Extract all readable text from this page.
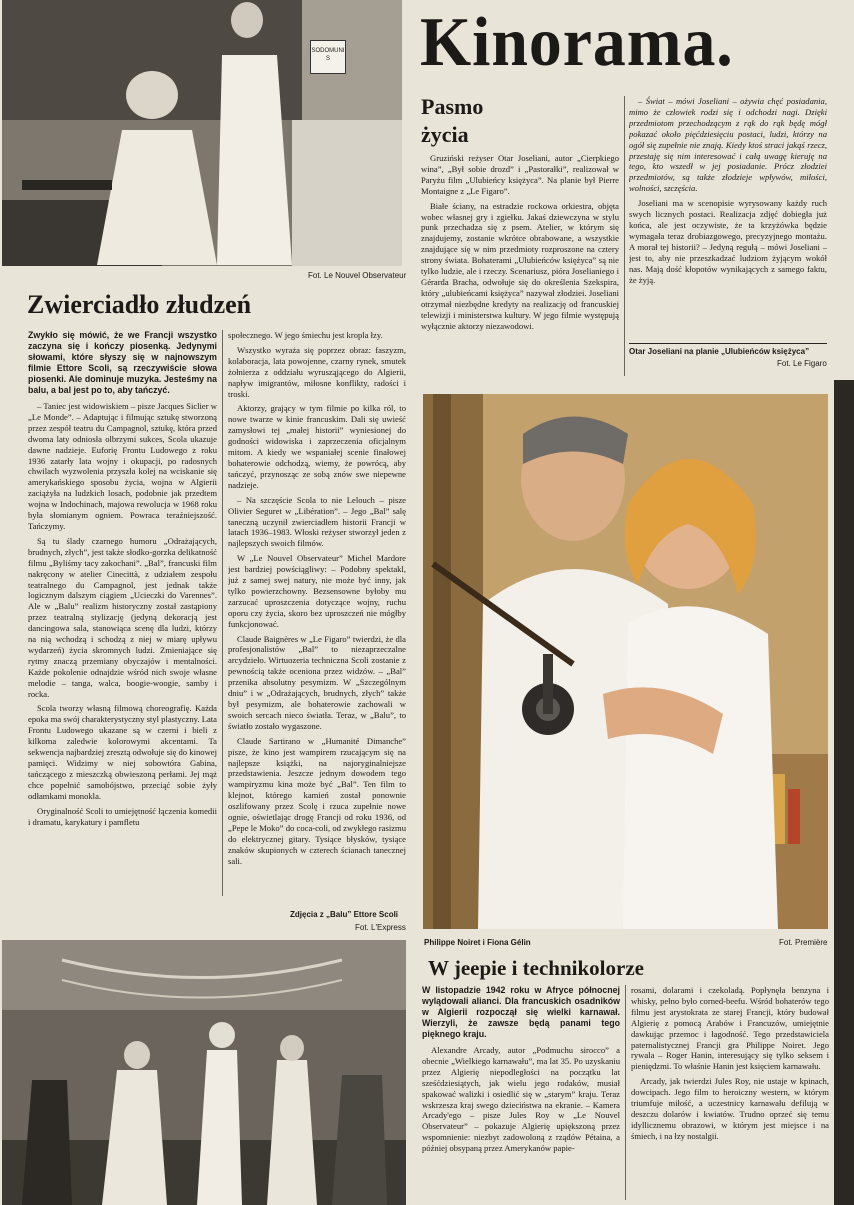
SODOMUNIS
Fot. Le Nouvel Observateur
Kinorama.
Pasmo
życia

Gruziński reżyser Otar Joseliani, autor „Cierpkiego wina”, „Był sobie drozd” i „Pastorałki”, realizował w Paryżu film „Ulubieńcy księżyca”. Na planie był Pierre Montaigne z „Le Figaro”.

Białe ściany, na estradzie rockowa orkiestra, objęta wobec własnej gry i zgiełku. Jakaś dziewczyna w stylu punk przechadza się z psem. Atelier, w którym się znajdujemy, zostanie wkrótce obrabowane, a wszystkie znajdujące się w nim przedmioty rozproszone na cztery strony świata. Bohaterami „Ulubieńców księżyca” są nie tylko ludzie, ale i rzeczy. Scenariusz, pióra Joselianiego i Gérarda Bracha, odwołuje się do określenia Szekspira, który „ulubieńcami księżyca” nazywał złodziei. Joseliani otrzymał niezbędne kredyty na realizację od francuskiej telewizji i ministerstwa kultury. W jego filmie występują wyłącznie aktorzy niezawodowi.

– Świat – mówi Joseliani – ożywia chęć posiadania, mimo że człowiek rodzi się i odchodzi nagi. Dzięki przedmiotom przechodzącym z rąk do rąk będę mógł pokazać około pięćdziesięciu postaci, ludzi, którzy na ogół się zupełnie nie znają. Kiedy ktoś straci jakąś rzecz, przestaję się nim interesować i całą uwagę kieruję na tego, kto wszedł w jej posiadanie. Prócz złodziei przedmiotów, są także złodzieje wpływów, miłości, wolności, szczęścia.

Joseliani ma w scenopisie wyrysowany każdy ruch swych licznych postaci. Realizacja zdjęć dobiegła już końca, ale jest oczywiste, że ta krzyżówka będzie wymagała teraz drobiazgowego, precyzyjnego montażu. A morał tej historii? – Jedyną regułą – mówi Joseliani – jest to, aby nie przeszkadzać ludziom żyjącym wokół nas. Mają dość kłopotów wynikających z samego faktu, że żyją.

Otar Joseliani na planie „Ulubieńców księżyca”
Fot. Le Figaro
Zwierciadło złudzeń
Zwykło się mówić, że we Francji wszystko zaczyna się i kończy piosenką. Jedynymi słowami, które słyszy się w najnowszym filmie Ettore Scoli, są rzeczywiście słowa piosenki. Ale dominuje muzyka. Jesteśmy na balu, a bal jest po to, aby tańczyć.

– Taniec jest widowiskiem – pisze Jacques Siclier w „Le Monde”. – Adaptując i filmując sztukę stworzoną przez zespół teatru du Campagnol, sztukę, która przed dwoma laty odniosła olbrzymi sukces, Scola ukazuje dawne nadzieje. Euforię Frontu Ludowego z roku 1936 zatarły lata wojny i okupacji, po radosnych chwilach wyzwolenia przyszła kolej na wciskanie się amerykańskiego sposobu życia, wojna w Algierii zaciążyła na ludzkich losach, podobnie jak przedtem wojna w Indochinach, majowa rewolucja w 1968 roku była słomianym ogniem. Powraca teraźniejszość. Tańczymy.

Są tu ślady czarnego humoru „Odrażających, brudnych, złych”, jest także słodko-gorzka delikatność filmu „Byliśmy tacy zakochani”. „Bal”, francuski film nakręcony w atelier Cinecittà, z udziałem zespołu teatralnego du Campagnol, jest jednak także logicznym dalszym ciągiem „Ucieczki do Varennes”. Ale w „Balu” realizm historyczny został zastąpiony przez teatralną stylizację (jedyną dekoracją jest dancingowa sala, stanowiąca scenę dla ludzi, którzy na nią wchodzą i schodzą z niej w miarę upływu wydarzeń) życia skromnych ludzi. Zmieniające się rytmy znaczą przemiany obyczajów i mentalności. Każde pokolenie odnajdzie wśród nich swoje własne melodie – tanga, walca, boogie-woogie, samby i rocka.

Scola tworzy własną filmową choreografię. Każda epoka ma swój charakterystyczny styl plastyczny. Lata Frontu Ludowego ukazane są w czerni i bieli z kilkoma zaledwie kolorowymi akcentami. Ta sekwencja najbardziej zresztą odwołuje się do kinowej pamięci. Widzimy w niej sobowtóra Gabina, tańczącego z mieszczką obwieszoną perłami. Jej mąż chce popełnić samobójstwo, przeciąć sobie żyły odłamkami monokla.

Oryginalność Scoli to umiejętność łączenia komedii i dramatu, karykatury i pamfletu

społecznego. W jego śmiechu jest kropla łzy.

Wszystko wyraża się poprzez obraz: faszyzm, kolaboracja, lata powojenne, czarny rynek, smutek żołnierza z oddziału wyrusząjącego do Algierii, napływ imigrantów, miłosne konflikty, radości i troski.

Aktorzy, grający w tym filmie po kilka ról, to nowe twarze w kinie francuskim. Dali się uwieść zamysłowi tej „małej historii” wyniesionej do godności widowiska i zaprzeczenia oficjalnym mitom. A kiedy we wspaniałej scenie finałowej bohaterowie odchodzą, wiemy, że powrócą, aby tańczyć, przynosząc ze sobą znów swe niepewne nadzieje.

– Na szczęście Scola to nie Lelouch – pisze Olivier Seguret w „Libération”. – Jego „Bal” salę taneczną uczynił zwierciadłem historii Francji w latach 1936–1983. Włoski reżyser stworzył jeden z najlepszych swoich filmów.

W „Le Nouvel Observateur” Michel Mardore jest bardziej powściągliwy: – Podobny spektakl, już z samej swej natury, nie może być inny, jak tylko powierzchowny. Bezsensowne byłoby mu zarzucać uproszczenia dotyczące wojny, ruchu oporu czy życia, skoro bez uproszczeń nie mógłby funkcjonować.

Claude Baignères w „Le Figaro” twierdzi, że dla profesjonalistów „Bal” to niezaprzeczalne arcydzieło. Wirtuozeria techniczna Scoli zostanie z pewnością także oceniona przez widzów. – „Bal” przenika absolutny pesymizm. W „Szczególnym dniu” i w „Odrażających, brudnych, złych” także był pesymizm, ale bohaterowie zachowali w swoich sercach nieco światła. Teraz, w „Balu”, to światło zostało wygaszone.

Claude Sartirano w „Humanité Dimanche” pisze, że kino jest wampirem rzucającym się na najlepsze książki, na najoryginalniejsze przedstawienia. Jeszcze jednym dowodem tego wampiryzmu kina może być „Bal”. Ten film to klejnot, którego kamień został ponownie oszlifowany przez Scolę i rzuca zupełnie nowe ognie, oświetlając drogę Francji od roku 1936, od „Pepe le Moko” do coca-coli, od zwykłego rasizmu do elektrycznej gitary. Tysiące błysków, tysiące znaków skupionych w czterech ścianach tanecznej sali.

Zdjęcia z „Balu” Ettore Scoli
Fot. L'Express
Philippe Noiret i Fiona Gélin	Fot. Première
W jeepie i technikolorze
W listopadzie 1942 roku w Afryce północnej wylądowali alianci. Dla francuskich osadników w Algierii rozpoczął się wielki karnawał. Wierzyli, że zawsze będą panami tego pięknego kraju.

Alexandre Arcady, autor „Podmuchu sirocco” a obecnie „Wielkiego karnawału”, ma lat 35. Po uzyskaniu przez Algierię niepodległości na początku lat sześćdziesiątych, jak wielu jego rodaków, musiał spakować walizki i osiedlić się w „starym” kraju. Teraz wskrzesza kraj swego dzieciństwa na ekranie. – Kamera Arcady'ego – pisze Jules Roy w „Le Nouvel Observateur” – pokazuje Algierię upiększoną przez wspomnienie: niezbyt zadowoloną z rządów Pétaina, a później obsypaną przez Amerykanów papie-

rosami, dolarami i czekoladą. Popłynęła benzyna i whisky, pełno było corned-beefu. Wśród bohaterów tego filmu jest arystokrata ze starej Francji, który budował Algierię z pomocą Arabów i Francuzów, umiejętnie dawkując przemoc i łagodność. Tego przedstawiciela paternalistycznej Francji gra Philippe Noiret. Jego rywala – Roger Hanin, interesujący się tylko seksem i pieniędzmi. To właśnie Hanin jest księciem karnawału.

Arcady, jak twierdzi Jules Roy, nie ustaje w kpinach, dowcipach. Jego film to heroiczny western, w którym triumfuje miłość, a uczestnicy karnawału defilują w deszczu dolarów i kwiatów. Trudno oprzeć się temu idyllicznemu obrazowi, w którym jest miejsce i na śmiech, i na łzy nostalgii.
